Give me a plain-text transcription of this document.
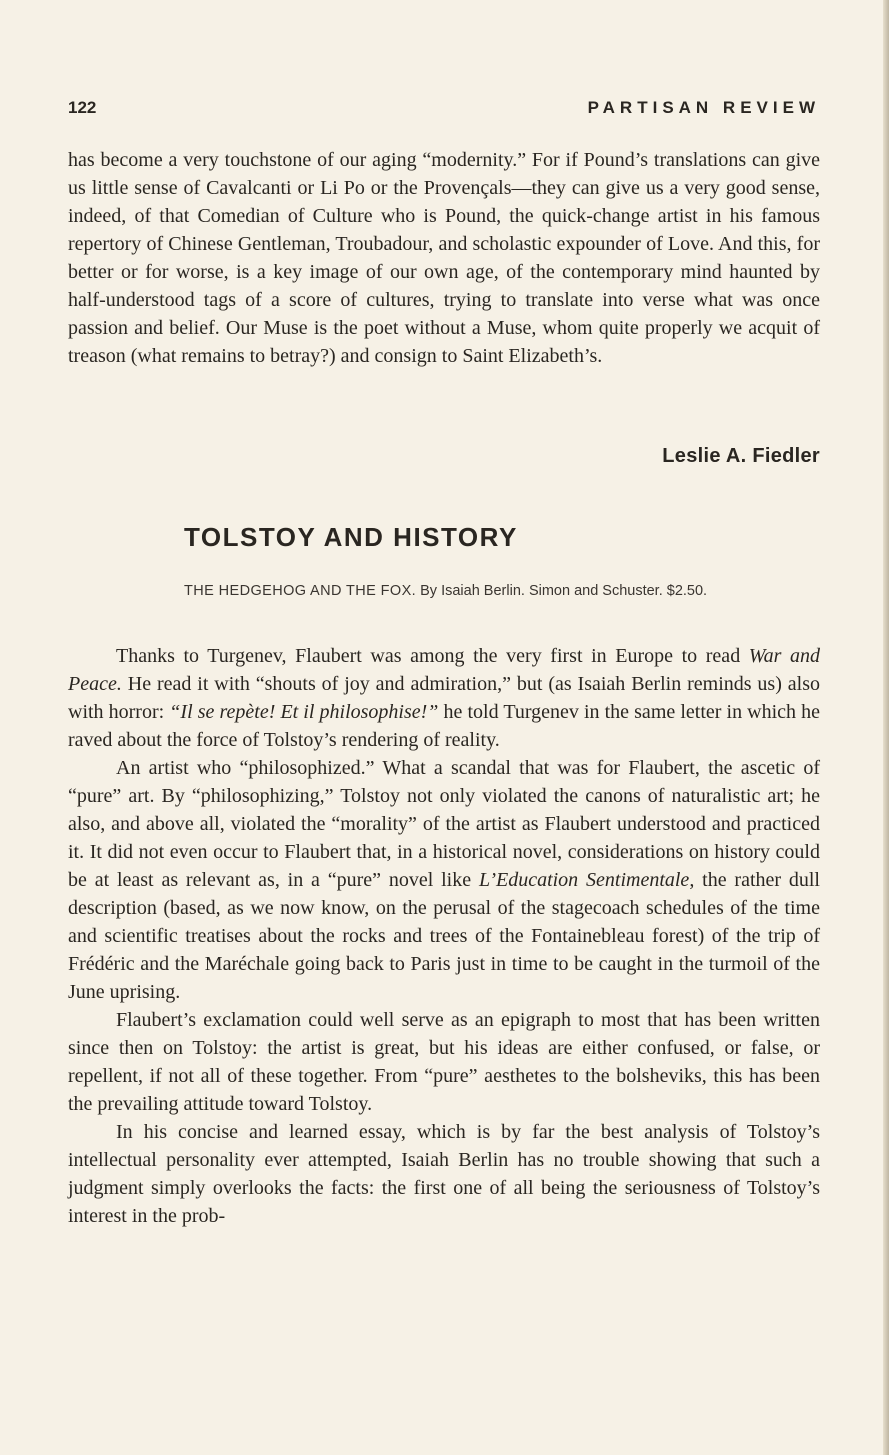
122	PARTISAN REVIEW

has become a very touchstone of our aging “modernity.” For if Pound’s translations can give us little sense of Cavalcanti or Li Po or the Provençals—they can give us a very good sense, indeed, of that Comedian of Culture who is Pound, the quick-change artist in his famous repertory of Chinese Gentleman, Troubadour, and scholastic expounder of Love. And this, for better or for worse, is a key image of our own age, of the contemporary mind haunted by half-understood tags of a score of cultures, trying to translate into verse what was once passion and belief. Our Muse is the poet without a Muse, whom quite properly we acquit of treason (what remains to betray?) and consign to Saint Elizabeth’s.

Leslie A. Fiedler
TOLSTOY AND HISTORY
THE HEDGEHOG AND THE FOX. By Isaiah Berlin. Simon and Schuster. $2.50.

Thanks to Turgenev, Flaubert was among the very first in Europe to read War and Peace. He read it with “shouts of joy and admiration,” but (as Isaiah Berlin reminds us) also with horror: “Il se repète! Et il philosophise!” he told Turgenev in the same letter in which he raved about the force of Tolstoy’s rendering of reality.

An artist who “philosophized.” What a scandal that was for Flaubert, the ascetic of “pure” art. By “philosophizing,” Tolstoy not only violated the canons of naturalistic art; he also, and above all, violated the “morality” of the artist as Flaubert understood and practiced it. It did not even occur to Flaubert that, in a historical novel, considerations on history could be at least as relevant as, in a “pure” novel like L’Education Sentimentale, the rather dull description (based, as we now know, on the perusal of the stagecoach schedules of the time and scientific treatises about the rocks and trees of the Fontainebleau forest) of the trip of Frédéric and the Maréchale going back to Paris just in time to be caught in the turmoil of the June uprising.

Flaubert’s exclamation could well serve as an epigraph to most that has been written since then on Tolstoy: the artist is great, but his ideas are either confused, or false, or repellent, if not all of these together. From “pure” aesthetes to the bolsheviks, this has been the prevailing attitude toward Tolstoy.

In his concise and learned essay, which is by far the best analysis of Tolstoy’s intellectual personality ever attempted, Isaiah Berlin has no trouble showing that such a judgment simply overlooks the facts: the first one of all being the seriousness of Tolstoy’s interest in the prob-
